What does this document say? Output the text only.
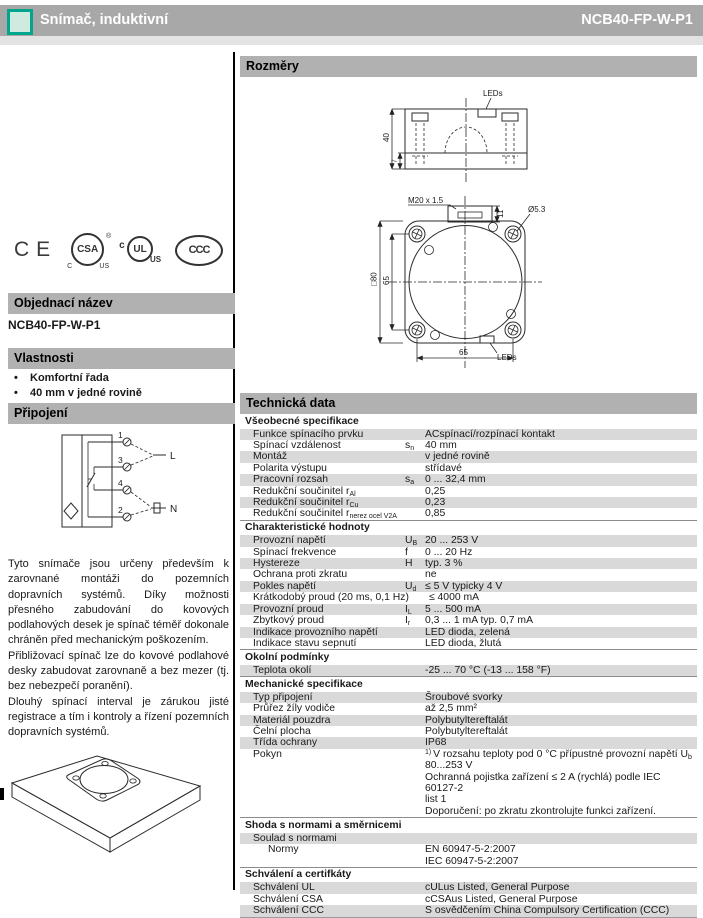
Snímač, induktivní	NCB40-FP-W-P1
CE	CSA
C	US
®
c UL
US
CCC
Objednací název
NCB40-FP-W-P1
Vlastnosti
• Komfortní řada
• 40 mm v jedné rovině
Připojení
1
3
4
2
L
N

Tyto snímače jsou určeny především k zarovnané montáži do pozemních dopravních systémů. Díky možnosti přesného zabudování do kovových podlahových desek je spínač téměř dokonale chráněn před mechanickým poškozením.

Přibližovací spínač lze do kovové podlahové desky zabudovat zarovnaně a bez mezer (tj. bez nebezpečí poranění).

Dlouhý spínací interval je zárukou jisté registrace a tím i kontroly a řízení pozemních dopravních systémů.

Rozměry
LEDs
40
7
M20 x 1.5
11	Ø5.3
□80 65
65
LEDs
Technická data
Všeobecné specifikace
Funkce spínacího prvku	ACspínací/rozpínací kontakt
Spínací vzdálenost	$s_n$	40 mm
Montáž	v jedné rovině
Polarita výstupu	střídavé
Pracovní rozsah	$s_a$	0 ... 32,4 mm
Redukční součinitel $r_{Al}$	0,25
Redukční součinitel $r_{Cu}$	0,23
Redukční součinitel $r_{nerez ocel V2A}$	0,85
Charakteristické hodnoty
Provozní napětí	$U_B$ 20 ... 253 V
Spínací frekvence	f	0 ... 20 Hz
Hystereze	H	typ. 3 %
Ochrana proti zkratu	ne
Pokles napětí	$U_d \le 5$ V typicky 4 V
Krátkodobý proud (20 ms, 0,1 Hz) ≤ 4000 mA
Provozní proud	$I_L$	5 ... 500 mA
Zbytkový proud	$I_r$	0,3 ... 1 mA typ. 0,7 mA
Indikace provozního napětí	LED dioda, zelená
Indikace stavu sepnutí	LED dioda, žlutá
Okolní podmínky
Teplota okolí	-25 ... 70 °C (-13 ... 158 °F)
Mechanické specifikace
Typ připojení	Šroubové svorky
Průřez žíly vodiče	až 2,5 mm²
Materiál pouzdra	Polybutyltereftalát
Čelní plocha	Polybutyltereftalát
Třída ochrany	IP68
Pokyn	$^{1)}$ V rozsahu teploty pod 0 °C přípustné provozní napětí $U_b$
80...253 V
Ochranná pojistka zařízení ≤ 2 A (rychlá) podle IEC 60127-2
list 1
Doporučení: po zkratu zkontrolujte funkci zařízení.
Shoda s normami a směrnicemi
Soulad s normami
Normy	EN 60947-5-2:2007
IEC 60947-5-2:2007
Schválení a certifkáty
Schválení UL	cULus Listed, General Purpose
Schválení CSA	cCSAus Listed, General Purpose
Schválení CCC	S osvědčením China Compulsory Certification (CCC)
